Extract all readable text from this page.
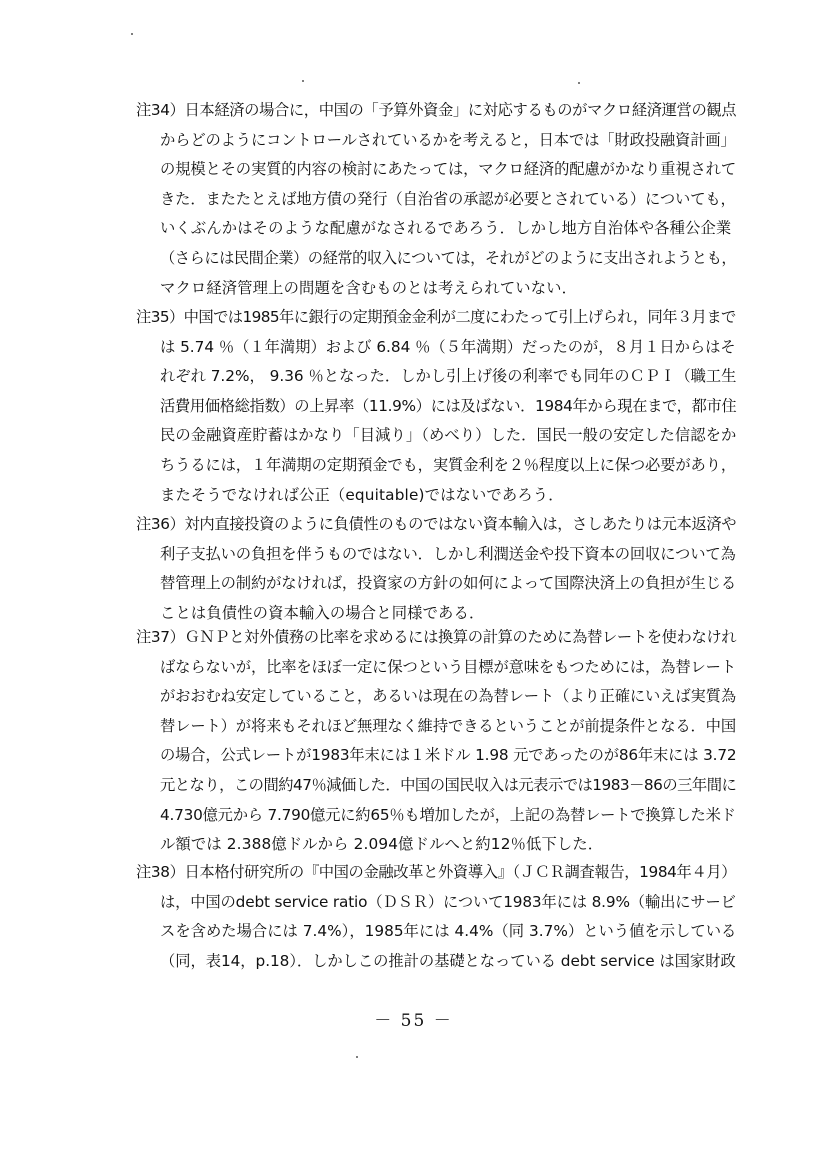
注34）日本経済の場合に，中国の「予算外資金」に対応するものがマクロ経済運営の観点
からどのようにコントロールされているかを考えると，日本では「財政投融資計画」
の規模とその実質的内容の検討にあたっては，マクロ経済的配慮がかなり重視されて
きた．またたとえば地方債の発行（自治省の承認が必要とされている）についても，
いくぶんかはそのような配慮がなされるであろう．しかし地方自治体や各種公企業
（さらには民間企業）の経常的収入については，それがどのように支出されようとも，
マクロ経済管理上の問題を含むものとは考えられていない．
注35）中国では1985年に銀行の定期預金金利が二度にわたって引上げられ，同年３月まで
は 5.74 ％（１年満期）および 6.84 ％（５年満期）だったのが，８月１日からはそ
れぞれ 7.2%， 9.36 ％となった．しかし引上げ後の利率でも同年のＣＰＩ（職工生
活費用価格総指数）の上昇率（11.9%）には及ばない．1984年から現在まで，都市住
民の金融資産貯蓄はかなり「目減り」（めべり）した．国民一般の安定した信認をか
ちうるには，１年満期の定期預金でも，実質金利を２％程度以上に保つ必要があり，
またそうでなければ公正（equitable)ではないであろう．
注36）対内直接投資のように負債性のものではない資本輸入は，さしあたりは元本返済や
利子支払いの負担を伴うものではない．しかし利潤送金や投下資本の回収について為
替管理上の制約がなければ，投資家の方針の如何によって国際決済上の負担が生じる
ことは負債性の資本輸入の場合と同様である．
注37）ＧＮＰと対外債務の比率を求めるには換算の計算のために為替レートを使わなけれ
ばならないが，比率をほぼ一定に保つという目標が意味をもつためには，為替レート
がおおむね安定していること，あるいは現在の為替レート（より正確にいえば実質為
替レート）が将来もそれほど無理なく維持できるということが前提条件となる．中国
の場合，公式レートが1983年末には１米ドル 1.98 元であったのが86年末には 3.72
元となり，この間約47％減価した．中国の国民収入は元表示では1983－86の三年間に
4.730億元から 7.790億元に約65％も増加したが，上記の為替レートで換算した米ド
ル額では 2.388億ドルから 2.094億ドルへと約12％低下した．
注38）日本格付研究所の『中国の金融改革と外資導入』（ＪＣＲ調査報告，1984年４月）
は，中国のdebt service ratio（ＤＳＲ）について1983年には 8.9%（輸出にサービ
スを含めた場合には 7.4%），1985年には 4.4%（同 3.7%）という値を示している
（同，表14，p.18）．しかしこの推計の基礎となっている debt service は国家財政
－ 55 －
